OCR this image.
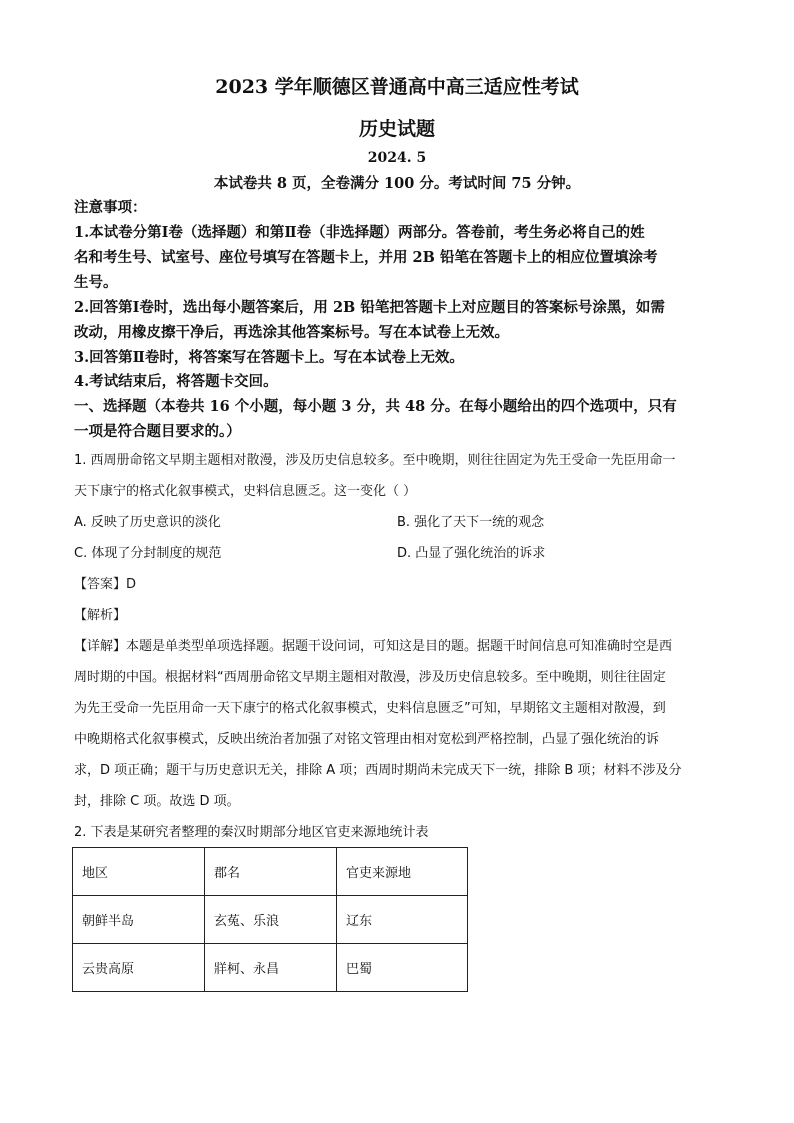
2023 学年顺德区普通高中高三适应性考试
历史试题
2024. 5
本试卷共 8 页，全卷满分 100 分。考试时间 75 分钟。
注意事项：
1.本试卷分第Ⅰ卷（选择题）和第Ⅱ卷（非选择题）两部分。答卷前，考生务必将自己的姓
名和考生号、试室号、座位号填写在答题卡上，并用 2B 铅笔在答题卡上的相应位置填涂考
生号。
2.回答第Ⅰ卷时，选出每小题答案后，用 2B 铅笔把答题卡上对应题目的答案标号涂黑，如需
改动，用橡皮擦干净后，再选涂其他答案标号。写在本试卷上无效。
3.回答第Ⅱ卷时，将答案写在答题卡上。写在本试卷上无效。
4.考试结束后，将答题卡交回。
一、选择题（本卷共 16 个小题，每小题 3 分，共 48 分。在每小题给出的四个选项中，只有
一项是符合题目要求的。）
1. 西周册命铭文早期主题相对散漫，涉及历史信息较多。至中晚期，则往往固定为先王受命一先臣用命一
天下康宁的格式化叙事模式，史料信息匮乏。这一变化（ ）
A. 反映了历史意识的淡化	B. 强化了天下一统的观念
C. 体现了分封制度的规范	D. 凸显了强化统治的诉求
【答案】D
【解析】
【详解】本题是单类型单项选择题。据题干设问词，可知这是目的题。据题干时间信息可知准确时空是西
周时期的中国。根据材料“西周册命铭文早期主题相对散漫，涉及历史信息较多。至中晚期，则往往固定
为先王受命一先臣用命一天下康宁的格式化叙事模式，史料信息匮乏”可知，早期铭文主题相对散漫，到
中晚期格式化叙事模式，反映出统治者加强了对铭文管理由相对宽松到严格控制，凸显了强化统治的诉
求，D 项正确；题干与历史意识无关，排除 A 项；西周时期尚未完成天下一统，排除 B 项；材料不涉及分
封，排除 C 项。故选 D 项。
2. 下表是某研究者整理的秦汉时期部分地区官吏来源地统计表
地区	郡名	官吏来源地
朝鲜半岛	玄菟、乐浪	辽东
云贵高原	牂柯、永昌	巴蜀
